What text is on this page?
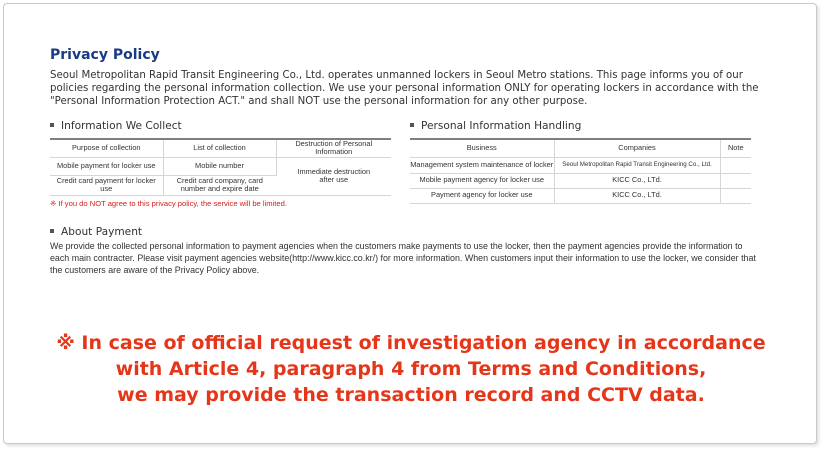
Privacy Policy
Seoul Metropolitan Rapid Transit Engineering Co., Ltd. operates unmanned lockers in Seoul Metro stations. This page informs you of our policies regarding the personal information collection. We use your personal information ONLY for operating lockers in accordance with the "Personal Information Protection ACT." and shall NOT use the personal information for any other purpose.
Information We Collect
Purpose of collection	List of collection	Destruction of Personal Information
Mobile payment for locker use	Mobile number	Immediate destruction after use
Credit card payment for locker use	Credit card company, card number and expire date	
※ If you do NOT agree to this privacy policy, the service will be limited.
Personal Information Handling
Business	Companies	Note
Management system maintenance of locker	Seoul Metropolitan Rapid Transit Engineering Co., Ltd.	
Mobile payment agency for locker use	KICC Co., LTd.	
Payment agency for locker use	KICC Co., LTd.	
About Payment
We provide the collected personal information to payment agencies when the customers make payments to use the locker, then the payment agencies provide the information to each main contracter. Please visit payment agencies website(http://www.kicc.co.kr/) for more information. When customers input their information to use the locker, we consider that the customers are aware of the Privacy Policy above.
※ In case of official request of investigation agency in accordance
with Article 4, paragraph 4 from Terms and Conditions,
we may provide the transaction record and CCTV data.
